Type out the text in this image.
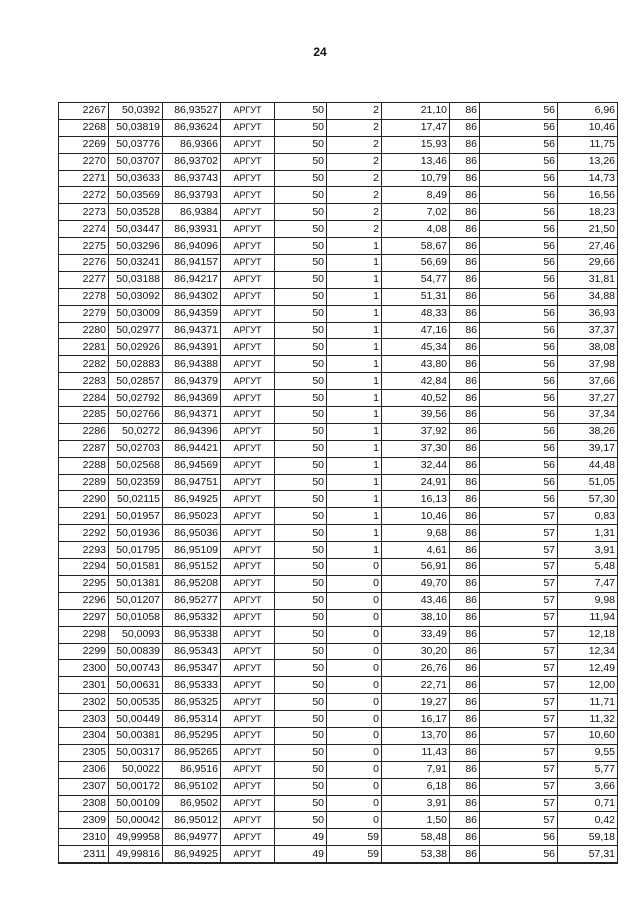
24
2267	50,0392	86,93527	АРГУТ	50	2	21,10	86	56	6,96
2268	50,03819	86,93624	АРГУТ	50	2	17,47	86	56	10,46
2269	50,03776	86,9366	АРГУТ	50	2	15,93	86	56	11,75
2270	50,03707	86,93702	АРГУТ	50	2	13,46	86	56	13,26
2271	50,03633	86,93743	АРГУТ	50	2	10,79	86	56	14,73
2272	50,03569	86,93793	АРГУТ	50	2	8,49	86	56	16,56
2273	50,03528	86,9384	АРГУТ	50	2	7,02	86	56	18,23
2274	50,03447	86,93931	АРГУТ	50	2	4,08	86	56	21,50
2275	50,03296	86,94096	АРГУТ	50	1	58,67	86	56	27,46
2276	50,03241	86,94157	АРГУТ	50	1	56,69	86	56	29,66
2277	50,03188	86,94217	АРГУТ	50	1	54,77	86	56	31,81
2278	50,03092	86,94302	АРГУТ	50	1	51,31	86	56	34,88
2279	50,03009	86,94359	АРГУТ	50	1	48,33	86	56	36,93
2280	50,02977	86,94371	АРГУТ	50	1	47,16	86	56	37,37
2281	50,02926	86,94391	АРГУТ	50	1	45,34	86	56	38,08
2282	50,02883	86,94388	АРГУТ	50	1	43,80	86	56	37,98
2283	50,02857	86,94379	АРГУТ	50	1	42,84	86	56	37,66
2284	50,02792	86,94369	АРГУТ	50	1	40,52	86	56	37,27
2285	50,02766	86,94371	АРГУТ	50	1	39,56	86	56	37,34
2286	50,0272	86,94396	АРГУТ	50	1	37,92	86	56	38,26
2287	50,02703	86,94421	АРГУТ	50	1	37,30	86	56	39,17
2288	50,02568	86,94569	АРГУТ	50	1	32,44	86	56	44,48
2289	50,02359	86,94751	АРГУТ	50	1	24,91	86	56	51,05
2290	50,02115	86,94925	АРГУТ	50	1	16,13	86	56	57,30
2291	50,01957	86,95023	АРГУТ	50	1	10,46	86	57	0,83
2292	50,01936	86,95036	АРГУТ	50	1	9,68	86	57	1,31
2293	50,01795	86,95109	АРГУТ	50	1	4,61	86	57	3,91
2294	50,01581	86,95152	АРГУТ	50	0	56,91	86	57	5,48
2295	50,01381	86,95208	АРГУТ	50	0	49,70	86	57	7,47
2296	50,01207	86,95277	АРГУТ	50	0	43,46	86	57	9,98
2297	50,01058	86,95332	АРГУТ	50	0	38,10	86	57	11,94
2298	50,0093	86,95338	АРГУТ	50	0	33,49	86	57	12,18
2299	50,00839	86,95343	АРГУТ	50	0	30,20	86	57	12,34
2300	50,00743	86,95347	АРГУТ	50	0	26,76	86	57	12,49
2301	50,00631	86,95333	АРГУТ	50	0	22,71	86	57	12,00
2302	50,00535	86,95325	АРГУТ	50	0	19,27	86	57	11,71
2303	50,00449	86,95314	АРГУТ	50	0	16,17	86	57	11,32
2304	50,00381	86,95295	АРГУТ	50	0	13,70	86	57	10,60
2305	50,00317	86,95265	АРГУТ	50	0	11,43	86	57	9,55
2306	50,0022	86,9516	АРГУТ	50	0	7,91	86	57	5,77
2307	50,00172	86,95102	АРГУТ	50	0	6,18	86	57	3,66
2308	50,00109	86,9502	АРГУТ	50	0	3,91	86	57	0,71
2309	50,00042	86,95012	АРГУТ	50	0	1,50	86	57	0,42
2310	49,99958	86,94977	АРГУТ	49	59	58,48	86	56	59,18
2311	49,99816	86,94925	АРГУТ	49	59	53,38	86	56	57,31
